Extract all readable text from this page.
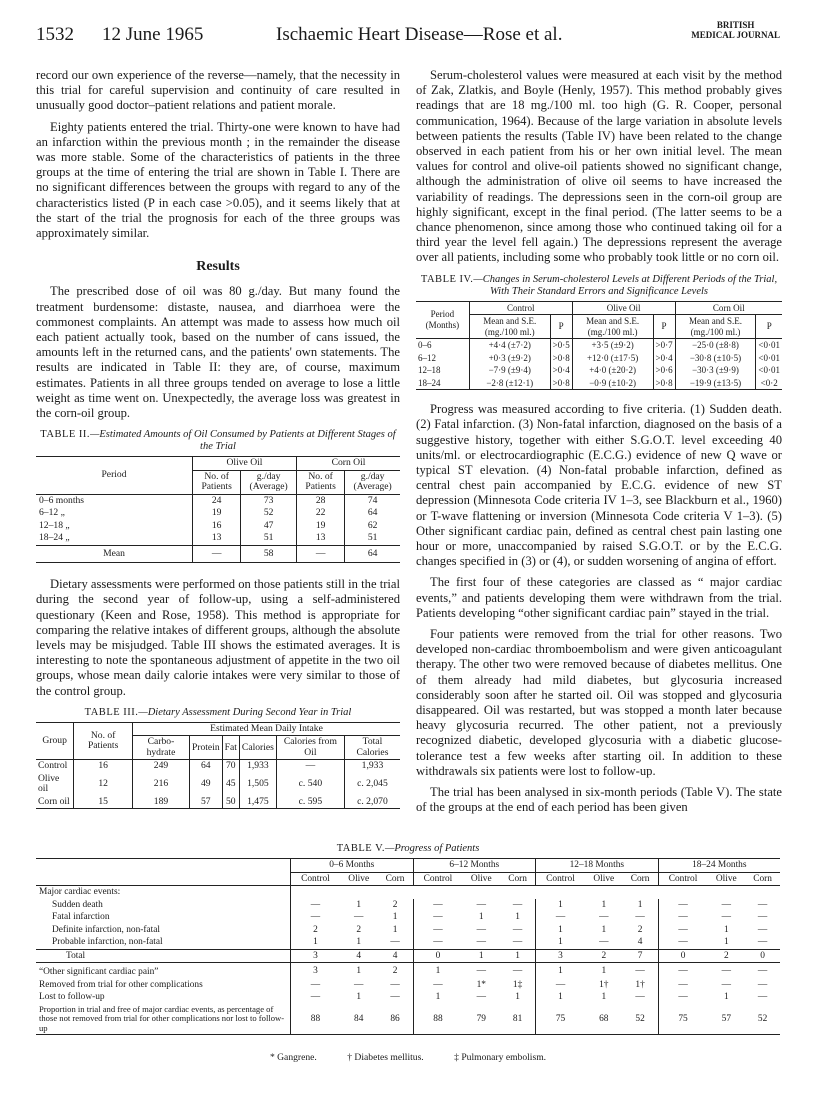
1532 12 June 1965	Ischaemic Heart Disease—Rose et al.	BRITISH
MEDICAL JOURNAL

record our own experience of the reverse—namely, that the necessity in this trial for careful supervision and continuity of care resulted in unusually good doctor–patient relations and patient morale.

Eighty patients entered the trial. Thirty-one were known to have had an infarction within the previous month ; in the remainder the disease was more stable. Some of the characteristics of patients in the three groups at the time of entering the trial are shown in Table I. There are no significant differences between the groups with regard to any of the characteristics listed (P in each case >0.05), and it seems likely that at the start of the trial the prognosis for each of the three groups was approximately similar.

Results

The prescribed dose of oil was 80 g./day. But many found the treatment burdensome: distaste, nausea, and diarrhoea were the commonest complaints. An attempt was made to assess how much oil each patient actually took, based on the number of cans issued, the amounts left in the returned cans, and the patients' own statements. The results are indicated in Table II: they are, of course, maximum estimates. Patients in all three groups tended on average to lose a little weight as time went on. Unexpectedly, the average loss was greatest in the corn-oil group.

TABLE II.—Estimated Amounts of Oil Consumed by Patients at Different Stages of the Trial
Period	Olive Oil		Corn Oil	
	No. of Patients	g./day (Average)	No. of Patients	g./day (Average)
0–6 months	24	73	28	74
6–12 „	19	52	22	64
12–18 „	16	47	19	62
18–24 „	13	51	13	51
Mean	—	58	—	64

Dietary assessments were performed on those patients still in the trial during the second year of follow-up, using a self-administered questionary (Keen and Rose, 1958). This method is appropriate for comparing the relative intakes of different groups, although the absolute levels may be misjudged. Table III shows the estimated averages. It is interesting to note the spontaneous adjustment of appetite in the two oil groups, whose mean daily calorie intakes were very similar to those of the control group.

TABLE III.—Dietary Assessment During Second Year in Trial
Group	No. of Patients	Estimated Mean Daily Intake					
		Carbo-hydrate	Protein	Fat	Calories	Calories from Oil	Total Calories
Control	16	249	64	70	1,933	—	1,933
Olive oil	12	216	49	45	1,505	c. 540	c. 2,045
Corn oil	15	189	57	50	1,475	c. 595	c. 2,070

Serum-cholesterol values were measured at each visit by the method of Zak, Zlatkis, and Boyle (Henly, 1957). This method probably gives readings that are 18 mg./100 ml. too high (G. R. Cooper, personal communication, 1964). Because of the large variation in absolute levels between patients the results (Table IV) have been related to the change observed in each patient from his or her own initial level. The mean values for control and olive-oil patients showed no significant change, although the administration of olive oil seems to have increased the variability of readings. The depressions seen in the corn-oil group are highly significant, except in the final period. (The latter seems to be a chance phenomenon, since among those who continued taking oil for a third year the level fell again.) The depressions represent the average over all patients, including some who probably took little or no corn oil.

TABLE IV.—Changes in Serum-cholesterol Levels at Different Periods of the Trial, With Their Standard Errors and Significance Levels
Period (Months)	Control		Olive Oil		Corn Oil	
	Mean and S.E. (mg./100 ml.)	P	Mean and S.E. (mg./100 ml.)	P	Mean and S.E. (mg./100 ml.)	P
0–6	+4·4 (±7·2)	>0·5	+3·5 (±9·2)	>0·7	−25·0 (±8·8)	<0·01
6–12	+0·3 (±9·2)	>0·8	+12·0 (±17·5)	>0·4	−30·8 (±10·5)	<0·01
12–18	−7·9 (±9·4)	>0·4	+4·0 (±20·2)	>0·6	−30·3 (±9·9)	<0·01
18–24	−2·8 (±12·1)	>0·8	−0·9 (±10·2)	>0·8	−19·9 (±13·5)	<0·2

Progress was measured according to five criteria. (1) Sudden death. (2) Fatal infarction. (3) Non-fatal infarction, diagnosed on the basis of a suggestive history, together with either S.G.O.T. level exceeding 40 units/ml. or electrocardiographic (E.C.G.) evidence of new Q wave or typical ST elevation. (4) Non-fatal probable infarction, defined as central chest pain accompanied by E.C.G. evidence of new ST depression (Minnesota Code criteria IV 1–3, see Blackburn et al., 1960) or T-wave flattening or inversion (Minnesota Code criteria V 1–3). (5) Other significant cardiac pain, defined as central chest pain lasting one hour or more, unaccompanied by raised S.G.O.T. or by the E.C.G. changes specified in (3) or (4), or sudden worsening of angina of effort.

The first four of these categories are classed as “ major cardiac events,” and patients developing them were withdrawn from the trial. Patients developing “other significant cardiac pain” stayed in the trial.

Four patients were removed from the trial for other reasons. Two developed non-cardiac thromboembolism and were given anticoagulant therapy. The other two were removed because of diabetes mellitus. One of them already had mild diabetes, but glycosuria increased considerably soon after he started oil. Oil was stopped and glycosuria disappeared. Oil was restarted, but was stopped a month later because heavy glycosuria recurred. The other patient, not a previously recognized diabetic, developed glycosuria with a diabetic glucose-tolerance test a few weeks after starting oil. In addition to these withdrawals six patients were lost to follow-up.

The trial has been analysed in six-month periods (Table V). The state of the groups at the end of each period has been given

TABLE V.—Progress of Patients
	0–6 Months			6–12 Months			12–18 Months			18–24 Months		
	Control	Olive	Corn	Control	Olive	Corn	Control	Olive	Corn	Control	Olive	Corn
Major cardiac events:												
Sudden death	—	1	2	—	—	—	1	1	1	—	—	—
Fatal infarction	—	—	1	—	1	1	—	—	—	—	—	—
Definite infarction, non-fatal	2	2	1	—	—	—	1	1	2	—	1	—
Probable infarction, non-fatal	1	1	—	—	—	—	1	—	4	—	1	—
Total	3	4	4	0	1	1	3	2	7	0	2	0
“Other significant cardiac pain”	3	1	2	1	—	—	1	1	—	—	—	—
Removed from trial for other complications	—	—	—	—	1*	1‡	—	1†	1†	—	—	—
Lost to follow-up	—	1	—	1	—	1	1	1	—	—	1	—
Proportion in trial and free of major cardiac events, as percentage of those not removed from trial for other complications nor lost to follow-up	88	84	86	88	79	81	75	68	52	75	57	52
* Gangrene.	† Diabetes mellitus.	‡ Pulmonary embolism.
